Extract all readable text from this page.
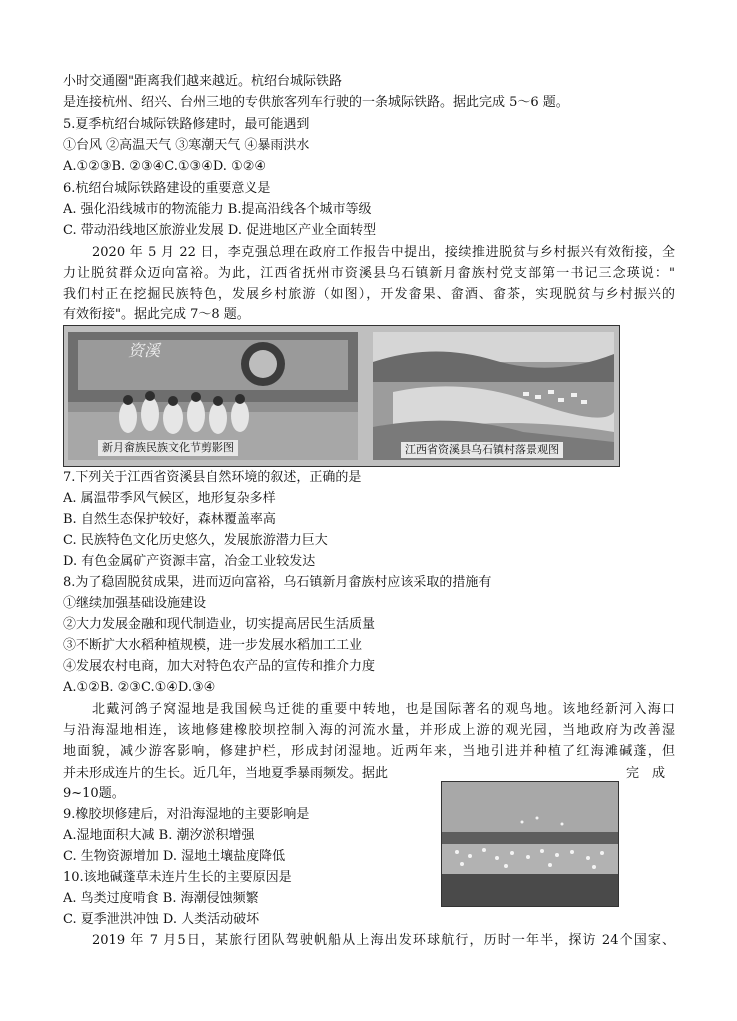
小时交通圈"距离我们越来越近。杭绍台城际铁路
是连接杭州、绍兴、台州三地的专供旅客列车行驶的一条城际铁路。据此完成 5～6 题。
5.夏季杭绍台城际铁路修建时，最可能遇到
①台风 ②高温天气 ③寒潮天气 ④暴雨洪水
A.①②③B. ②③④C.①③④D. ①②④
6.杭绍台城际铁路建设的重要意义是
A. 强化沿线城市的物流能力 B.提高沿线各个城市等级
C. 带动沿线地区旅游业发展 D. 促进地区产业全面转型
2020 年 5 月 22 日，李克强总理在政府工作报告中提出，接续推进脱贫与乡村振兴有效衔接，全
力让脱贫群众迈向富裕。为此，江西省抚州市资溪县乌石镇新月畲族村党支部第一书记三念瑛说："
我们村正在挖掘民族特色，发展乡村旅游（如图），开发畲果、畲酒、畲茶，实现脱贫与乡村振兴的
有效衔接"。据此完成 7～8 题。
资溪
新月畲族民族文化节剪影图	江西省资溪县乌石镇村落景观图
7.下列关于江西省资溪县自然环境的叙述，正确的是
A. 属温带季风气候区，地形复杂多样
B. 自然生态保护较好，森林覆盖率高
C. 民族特色文化历史悠久，发展旅游潜力巨大
D. 有色金属矿产资源丰富，冶金工业较发达
8.为了稳固脱贫成果，进而迈向富裕，乌石镇新月畲族村应该采取的措施有
①继续加强基础设施建设
②大力发展金融和现代制造业，切实提高居民生活质量
③不断扩大水稻种植规模，进一步发展水稻加工工业
④发展农村电商，加大对特色农产品的宣传和推介力度
A.①②B. ②③C.①④D.③④
北戴河鸽子窝湿地是我国候鸟迁徙的重要中转地，也是国际著名的观鸟地。该地经新河入海口
与沿海湿地相连，该地修建橡胶坝控制入海的河流水量，并形成上游的观光园，当地政府为改善湿
地面貌，减少游客影响，修建护栏，形成封闭湿地。近两年来，当地引进并种植了红海滩碱蓬，但
并未形成连片的生长。近几年，当地夏季暴雨频发。据此	完　成
9~10题。
9.橡胶坝修建后，对沿海湿地的主要影响是
A.湿地面积大减 B. 潮汐淤积增强
C. 生物资源增加 D. 湿地土壤盐度降低
10.该地碱蓬草未连片生长的主要原因是
A. 鸟类过度啃食 B. 海潮侵蚀频繁
C. 夏季泄洪冲蚀 D. 人类活动破坏
2019 年 7 月5日，某旅行团队驾驶帆船从上海出发环球航行，历时一年半，探访 24个国家、
